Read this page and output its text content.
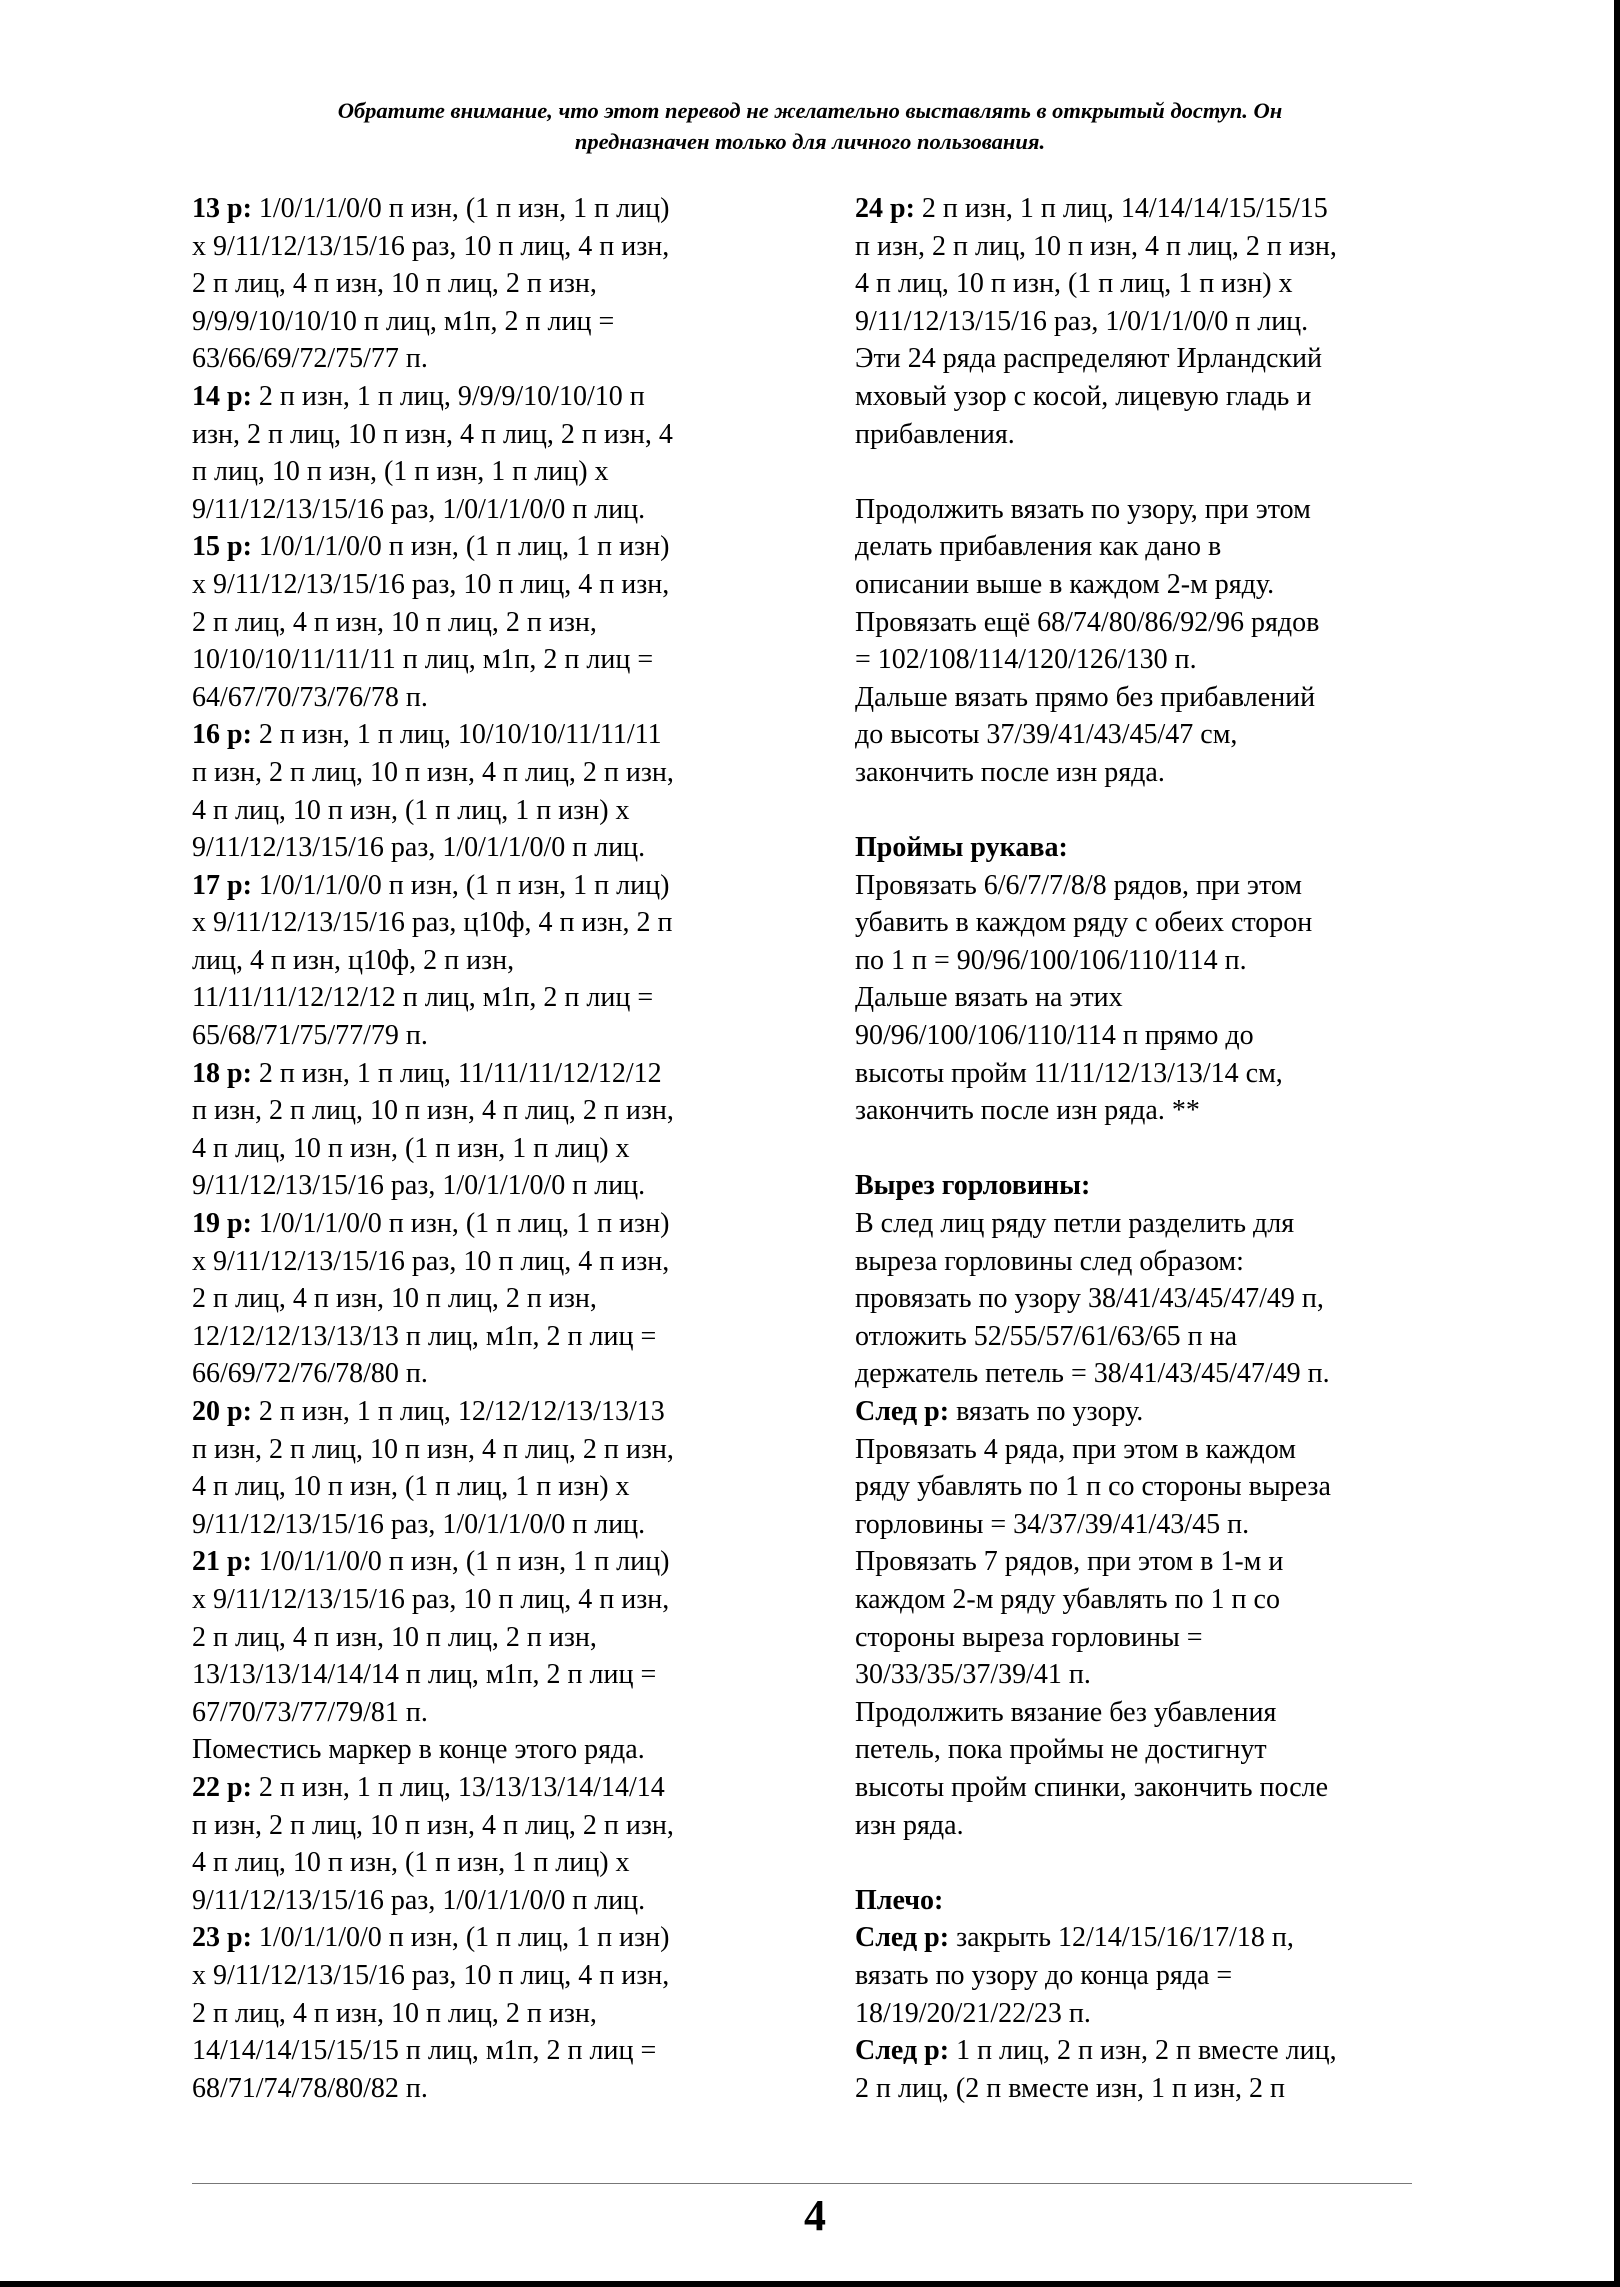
Обратите внимание, что этот перевод не желательно выставлять в открытый доступ. Он
предназначен только для личного пользования.

13 р: 1/0/1/1/0/0 п изн, (1 п изн, 1 п лиц)
x 9/11/12/13/15/16 раз, 10 п лиц, 4 п изн,
2 п лиц, 4 п изн, 10 п лиц, 2 п изн,
9/9/9/10/10/10 п лиц, м1п, 2 п лиц =
63/66/69/72/75/77 п.

14 р: 2 п изн, 1 п лиц, 9/9/9/10/10/10 п
изн, 2 п лиц, 10 п изн, 4 п лиц, 2 п изн, 4
п лиц, 10 п изн, (1 п изн, 1 п лиц) x
9/11/12/13/15/16 раз, 1/0/1/1/0/0 п лиц.

15 р: 1/0/1/1/0/0 п изн, (1 п лиц, 1 п изн)
x 9/11/12/13/15/16 раз, 10 п лиц, 4 п изн,
2 п лиц, 4 п изн, 10 п лиц, 2 п изн,
10/10/10/11/11/11 п лиц, м1п, 2 п лиц =
64/67/70/73/76/78 п.

16 р: 2 п изн, 1 п лиц, 10/10/10/11/11/11
п изн, 2 п лиц, 10 п изн, 4 п лиц, 2 п изн,
4 п лиц, 10 п изн, (1 п лиц, 1 п изн) x
9/11/12/13/15/16 раз, 1/0/1/1/0/0 п лиц.

17 р: 1/0/1/1/0/0 п изн, (1 п изн, 1 п лиц)
x 9/11/12/13/15/16 раз, ц10ф, 4 п изн, 2 п
лиц, 4 п изн, ц10ф, 2 п изн,
11/11/11/12/12/12 п лиц, м1п, 2 п лиц =
65/68/71/75/77/79 п.

18 р: 2 п изн, 1 п лиц, 11/11/11/12/12/12
п изн, 2 п лиц, 10 п изн, 4 п лиц, 2 п изн,
4 п лиц, 10 п изн, (1 п изн, 1 п лиц) x
9/11/12/13/15/16 раз, 1/0/1/1/0/0 п лиц.

19 р: 1/0/1/1/0/0 п изн, (1 п лиц, 1 п изн)
x 9/11/12/13/15/16 раз, 10 п лиц, 4 п изн,
2 п лиц, 4 п изн, 10 п лиц, 2 п изн,
12/12/12/13/13/13 п лиц, м1п, 2 п лиц =
66/69/72/76/78/80 п.

20 р: 2 п изн, 1 п лиц, 12/12/12/13/13/13
п изн, 2 п лиц, 10 п изн, 4 п лиц, 2 п изн,
4 п лиц, 10 п изн, (1 п лиц, 1 п изн) x
9/11/12/13/15/16 раз, 1/0/1/1/0/0 п лиц.

21 р: 1/0/1/1/0/0 п изн, (1 п изн, 1 п лиц)
x 9/11/12/13/15/16 раз, 10 п лиц, 4 п изн,
2 п лиц, 4 п изн, 10 п лиц, 2 п изн,
13/13/13/14/14/14 п лиц, м1п, 2 п лиц =
67/70/73/77/79/81 п.
Поместись маркер в конце этого ряда.

22 р: 2 п изн, 1 п лиц, 13/13/13/14/14/14
п изн, 2 п лиц, 10 п изн, 4 п лиц, 2 п изн,
4 п лиц, 10 п изн, (1 п изн, 1 п лиц) x
9/11/12/13/15/16 раз, 1/0/1/1/0/0 п лиц.

23 р: 1/0/1/1/0/0 п изн, (1 п лиц, 1 п изн)
x 9/11/12/13/15/16 раз, 10 п лиц, 4 п изн,
2 п лиц, 4 п изн, 10 п лиц, 2 п изн,
14/14/14/15/15/15 п лиц, м1п, 2 п лиц =
68/71/74/78/80/82 п.

24 р: 2 п изн, 1 п лиц, 14/14/14/15/15/15
п изн, 2 п лиц, 10 п изн, 4 п лиц, 2 п изн,
4 п лиц, 10 п изн, (1 п лиц, 1 п изн) x
9/11/12/13/15/16 раз, 1/0/1/1/0/0 п лиц.
Эти 24 ряда распределяют Ирландский
мховый узор с косой, лицевую гладь и
прибавления.

Продолжить вязать по узору, при этом
делать прибавления как дано в
описании выше в каждом 2-м ряду.
Провязать ещё 68/74/80/86/92/96 рядов
= 102/108/114/120/126/130 п.
Дальше вязать прямо без прибавлений
до высоты 37/39/41/43/45/47 см,
закончить после изн ряда.

Проймы рукава:

Провязать 6/6/7/7/8/8 рядов, при этом
убавить в каждом ряду с обеих сторон
по 1 п = 90/96/100/106/110/114 п.
Дальше вязать на этих
90/96/100/106/110/114 п прямо до
высоты пройм 11/11/12/13/13/14 см,
закончить после изн ряда. **

Вырез горловины:

В след лиц ряду петли разделить для
выреза горловины след образом:
провязать по узору 38/41/43/45/47/49 п,
отложить 52/55/57/61/63/65 п на
держатель петель = 38/41/43/45/47/49 п.
След р: вязать по узору.
Провязать 4 ряда, при этом в каждом
ряду убавлять по 1 п со стороны выреза
горловины = 34/37/39/41/43/45 п.
Провязать 7 рядов, при этом в 1-м и
каждом 2-м ряду убавлять по 1 п со
стороны выреза горловины =
30/33/35/37/39/41 п.
Продолжить вязание без убавления
петель, пока проймы не достигнут
высоты пройм спинки, закончить после
изн ряда.

Плечо:

След р: закрыть 12/14/15/16/17/18 п,
вязать по узору до конца ряда =
18/19/20/21/22/23 п.
След р: 1 п лиц, 2 п изн, 2 п вместе лиц,
2 п лиц, (2 п вместе изн, 1 п изн, 2 п

4
